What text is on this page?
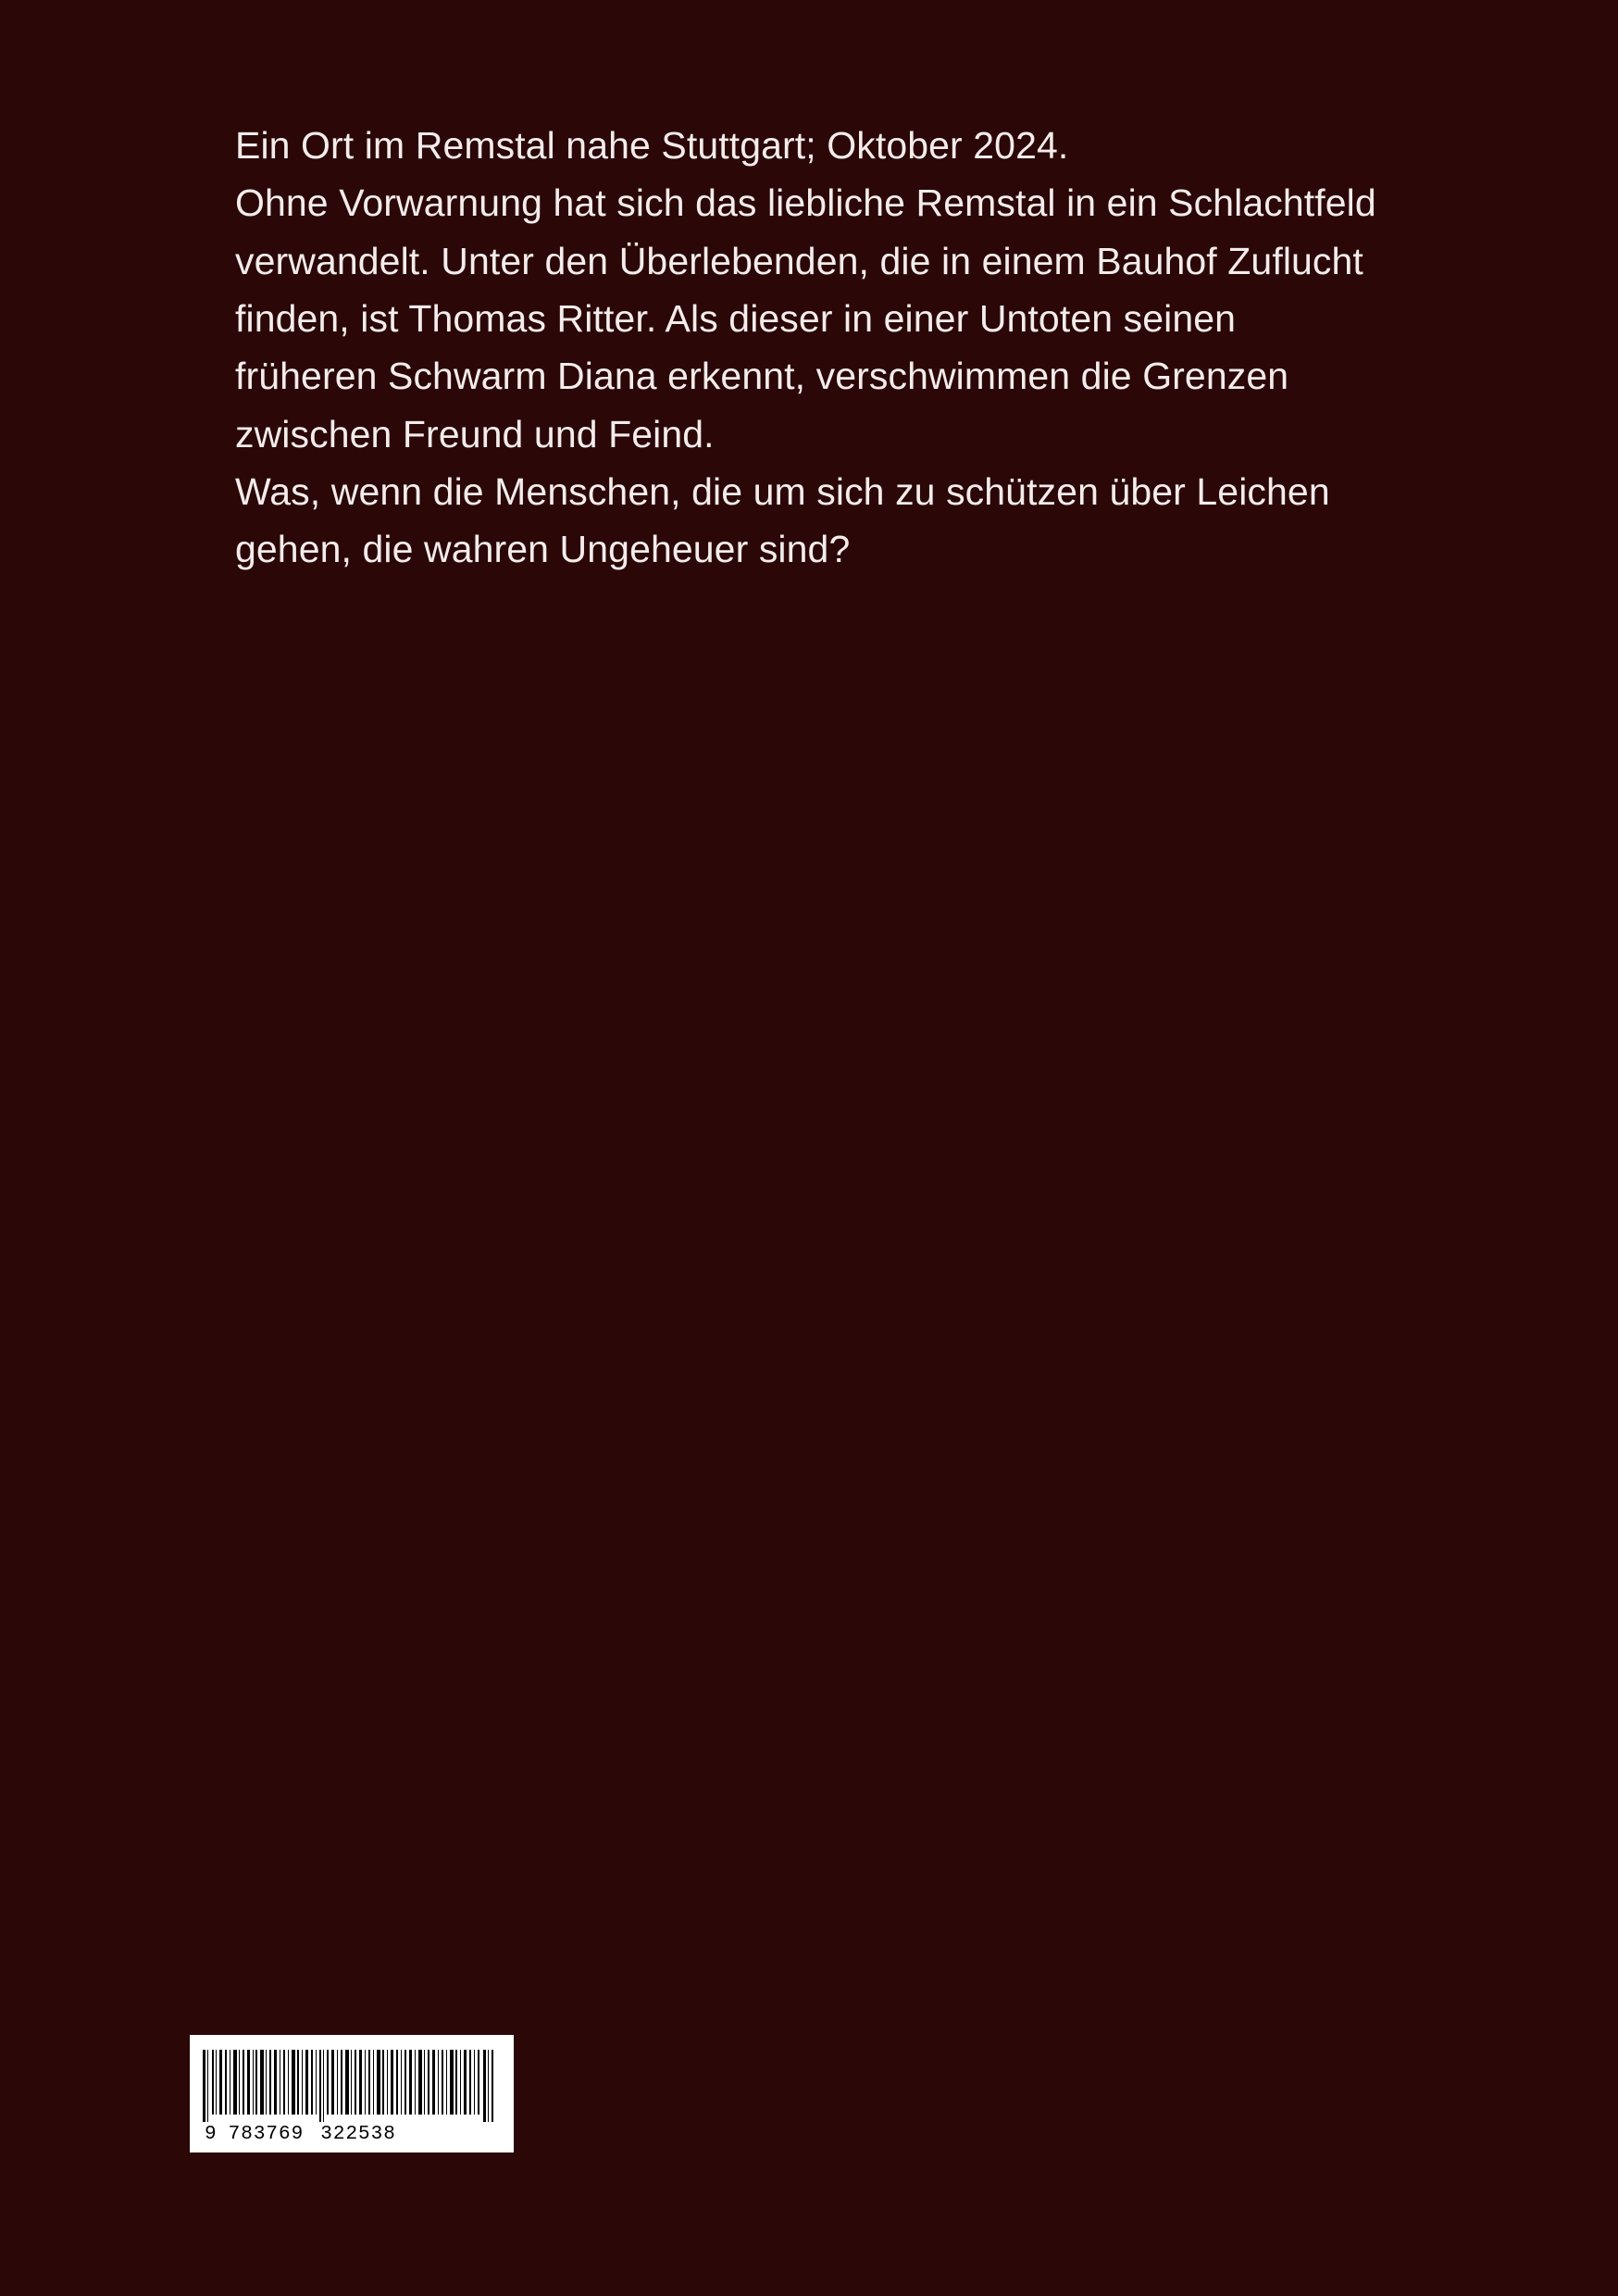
Ein Ort im Remstal nahe Stuttgart; Oktober 2024.

Ohne Vorwarnung hat sich das liebliche Remstal in ein Schlachtfeld verwandelt. Unter den Überlebenden, die in einem Bauhof Zuflucht finden, ist Thomas Ritter. Als dieser in einer Untoten seinen früheren Schwarm Diana erkennt, verschwimmen die Grenzen zwischen Freund und Feind.

Was, wenn die Menschen, die um sich zu schützen über Leichen gehen, die wahren Ungeheuer sind?

9 783769 322538
